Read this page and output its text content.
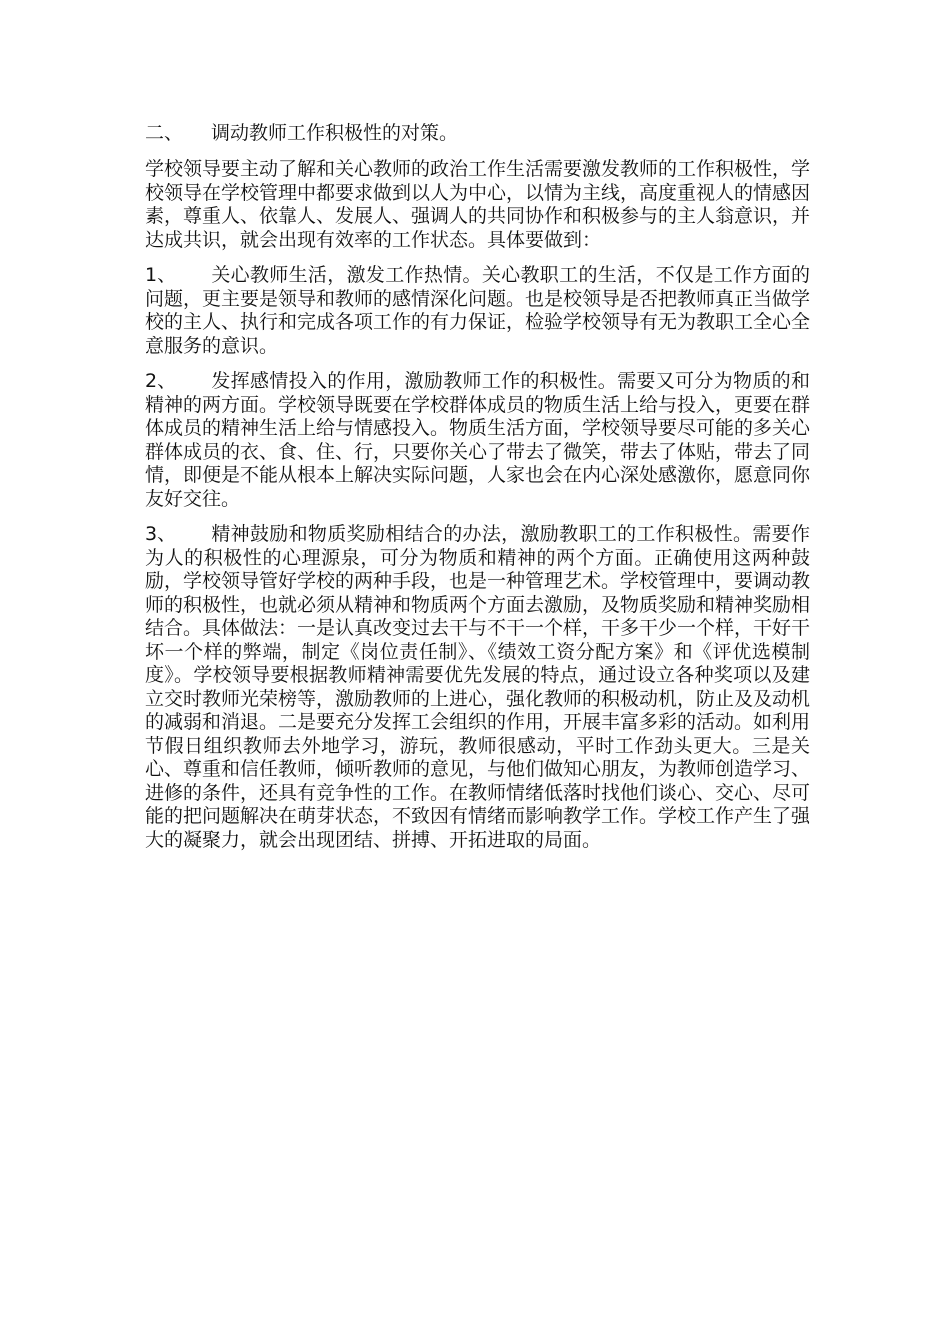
二、 调动教师工作积极性的对策。

学校领导要主动了解和关心教师的政治工作生活需要激发教师的工作积极性，学校领导在学校管理中都要求做到以人为中心，以情为主线，高度重视人的情感因素，尊重人、依靠人、发展人、强调人的共同协作和积极参与的主人翁意识，并达成共识，就会出现有效率的工作状态。具体要做到：

1、 关心教师生活，激发工作热情。关心教职工的生活，不仅是工作方面的问题，更主要是领导和教师的感情深化问题。也是校领导是否把教师真正当做学校的主人、执行和完成各项工作的有力保证，检验学校领导有无为教职工全心全意服务的意识。

2、 发挥感情投入的作用，激励教师工作的积极性。需要又可分为物质的和精神的两方面。学校领导既要在学校群体成员的物质生活上给与投入，更要在群体成员的精神生活上给与情感投入。物质生活方面，学校领导要尽可能的多关心群体成员的衣、食、住、行，只要你关心了带去了微笑，带去了体贴，带去了同情，即便是不能从根本上解决实际问题，人家也会在内心深处感激你，愿意同你友好交往。

3、 精神鼓励和物质奖励相结合的办法，激励教职工的工作积极性。需要作为人的积极性的心理源泉，可分为物质和精神的两个方面。正确使用这两种鼓励，学校领导管好学校的两种手段，也是一种管理艺术。学校管理中，要调动教师的积极性，也就必须从精神和物质两个方面去激励，及物质奖励和精神奖励相结合。具体做法：一是认真改变过去干与不干一个样，干多干少一个样，干好干坏一个样的弊端，制定《岗位责任制》、《绩效工资分配方案》和《评优选模制度》。学校领导要根据教师精神需要优先发展的特点，通过设立各种奖项以及建立交时教师光荣榜等，激励教师的上进心，强化教师的积极动机，防止及及动机的减弱和消退。二是要充分发挥工会组织的作用，开展丰富多彩的活动。如利用节假日组织教师去外地学习，游玩，教师很感动，平时工作劲头更大。三是关心、尊重和信任教师，倾听教师的意见，与他们做知心朋友，为教师创造学习、进修的条件，还具有竞争性的工作。在教师情绪低落时找他们谈心、交心、尽可能的把问题解决在萌芽状态，不致因有情绪而影响教学工作。学校工作产生了强大的凝聚力，就会出现团结、拼搏、开拓进取的局面。
